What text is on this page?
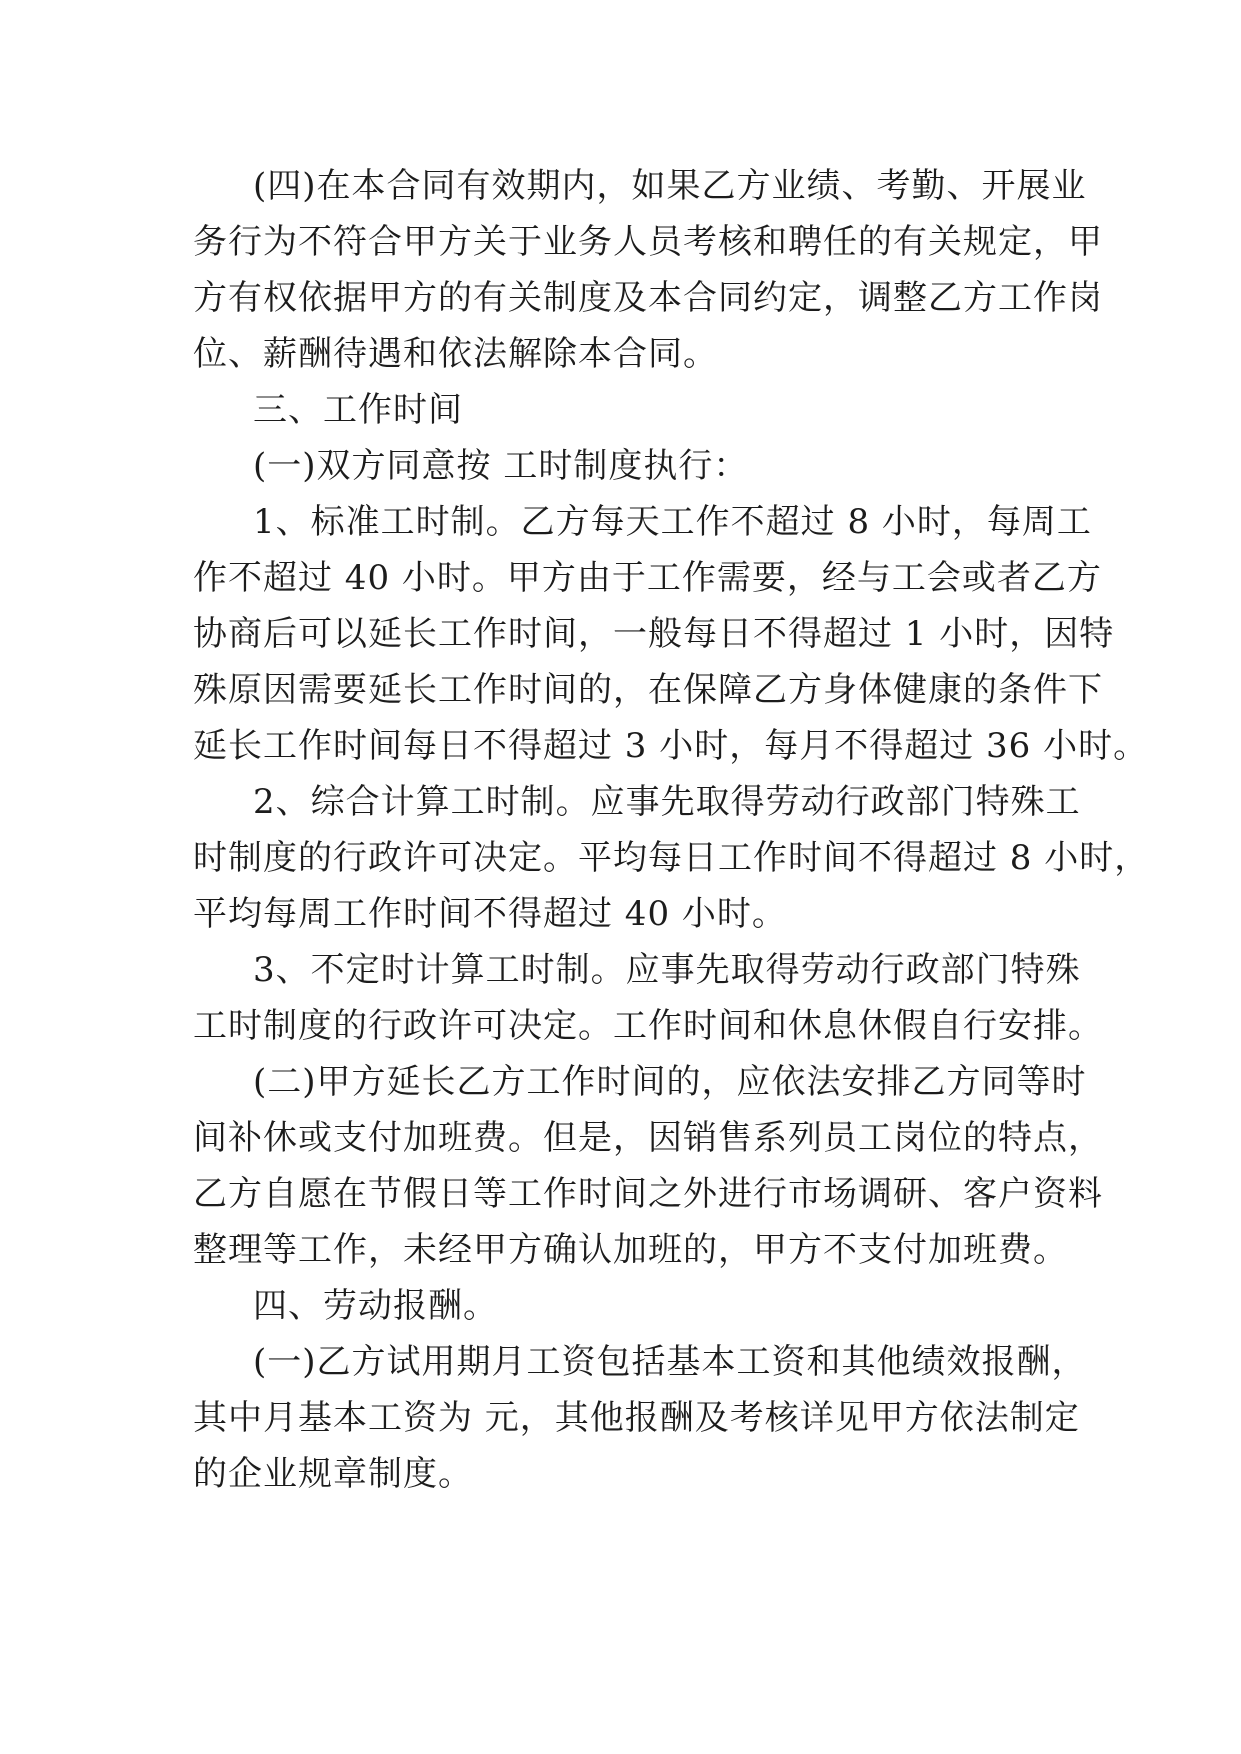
(四)在本合同有效期内，如果乙方业绩、考勤、开展业
务行为不符合甲方关于业务人员考核和聘任的有关规定，甲
方有权依据甲方的有关制度及本合同约定，调整乙方工作岗
位、薪酬待遇和依法解除本合同。
三、工作时间
(一)双方同意按 工时制度执行：
1、标准工时制。乙方每天工作不超过 8 小时，每周工
作不超过 40 小时。甲方由于工作需要，经与工会或者乙方
协商后可以延长工作时间，一般每日不得超过 1 小时，因特
殊原因需要延长工作时间的，在保障乙方身体健康的条件下
延长工作时间每日不得超过 3 小时，每月不得超过 36 小时。
2、综合计算工时制。应事先取得劳动行政部门特殊工
时制度的行政许可决定。平均每日工作时间不得超过 8 小时，
平均每周工作时间不得超过 40 小时。
3、不定时计算工时制。应事先取得劳动行政部门特殊
工时制度的行政许可决定。工作时间和休息休假自行安排。
(二)甲方延长乙方工作时间的，应依法安排乙方同等时
间补休或支付加班费。但是，因销售系列员工岗位的特点，
乙方自愿在节假日等工作时间之外进行市场调研、客户资料
整理等工作，未经甲方确认加班的，甲方不支付加班费。
四、劳动报酬。
(一)乙方试用期月工资包括基本工资和其他绩效报酬，
其中月基本工资为 元，其他报酬及考核详见甲方依法制定
的企业规章制度。
